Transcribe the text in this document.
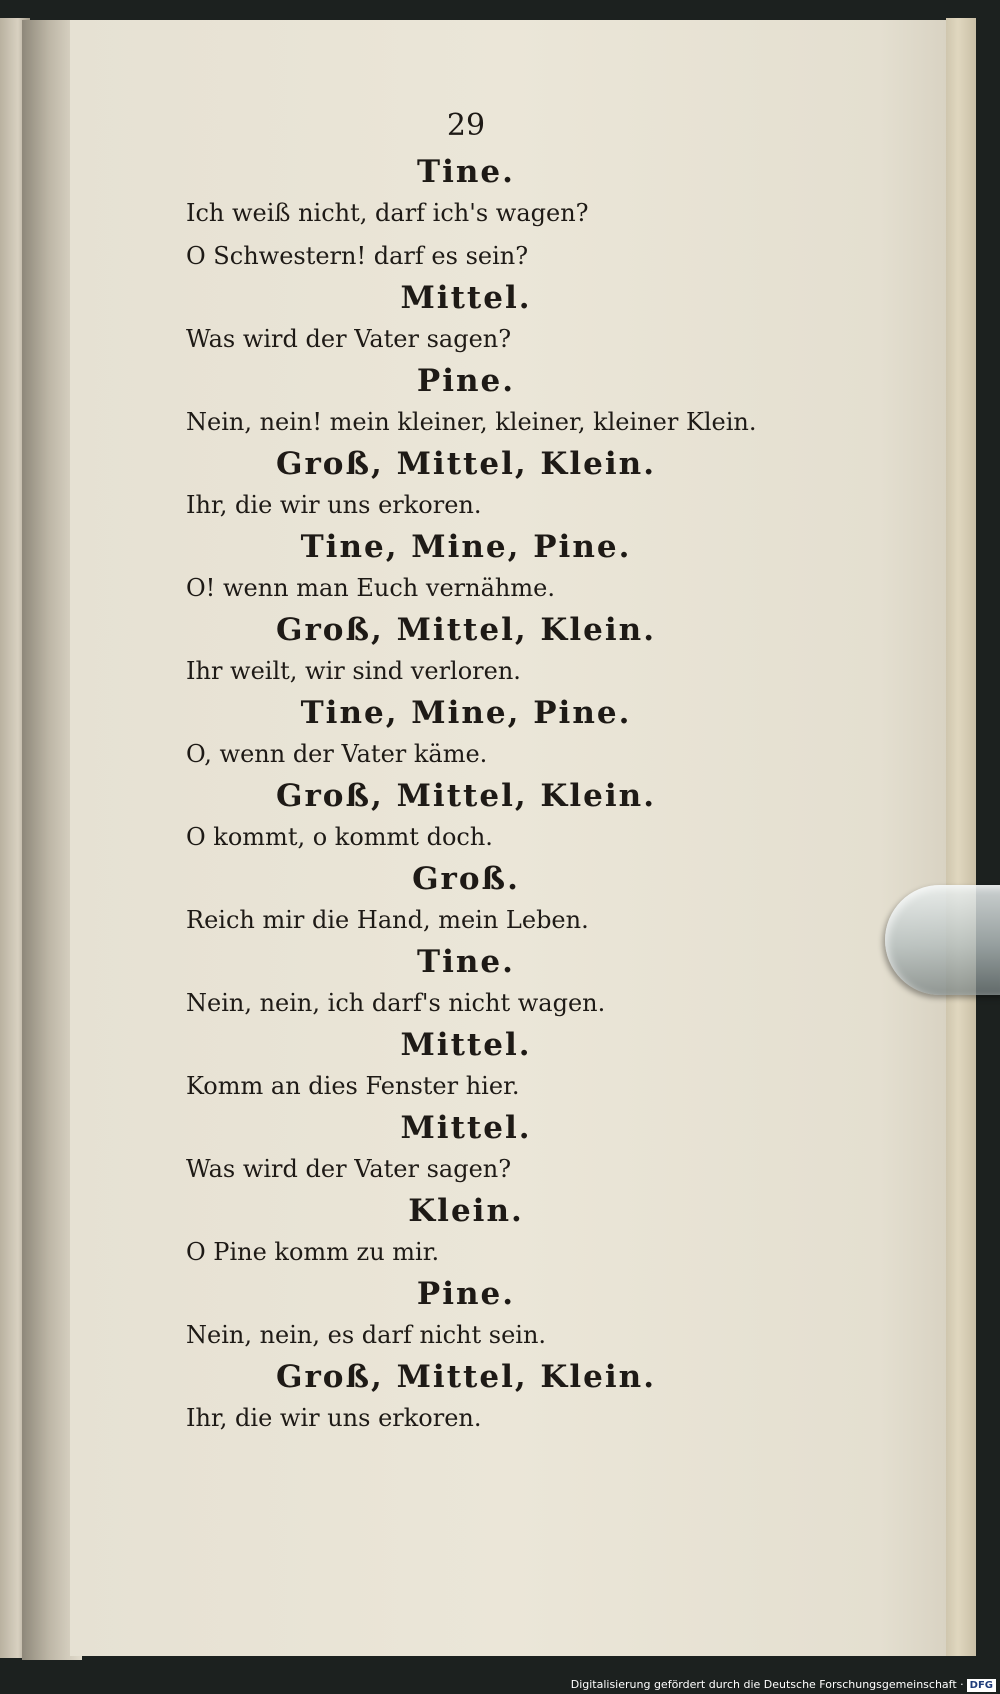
29
Tine.
Ich weiß nicht, darf ich's wagen?
O Schwestern! darf es sein?
Mittel.
Was wird der Vater sagen?
Pine.
Nein, nein! mein kleiner, kleiner, kleiner Klein.
Groß, Mittel, Klein.
Ihr, die wir uns erkoren.
Tine, Mine, Pine.
O! wenn man Euch vernähme.
Groß, Mittel, Klein.
Ihr weilt, wir sind verloren.
Tine, Mine, Pine.
O, wenn der Vater käme.
Groß, Mittel, Klein.
O kommt, o kommt doch.
Groß.
Reich mir die Hand, mein Leben.
Tine.
Nein, nein, ich darf's nicht wagen.
Mittel.
Komm an dies Fenster hier.
Mittel.
Was wird der Vater sagen?
Klein.
O Pine komm zu mir.
Pine.
Nein, nein, es darf nicht sein.
Groß, Mittel, Klein.
Ihr, die wir uns erkoren.
Digitalisierung gefördert durch die Deutsche Forschungsgemeinschaft · DFG
